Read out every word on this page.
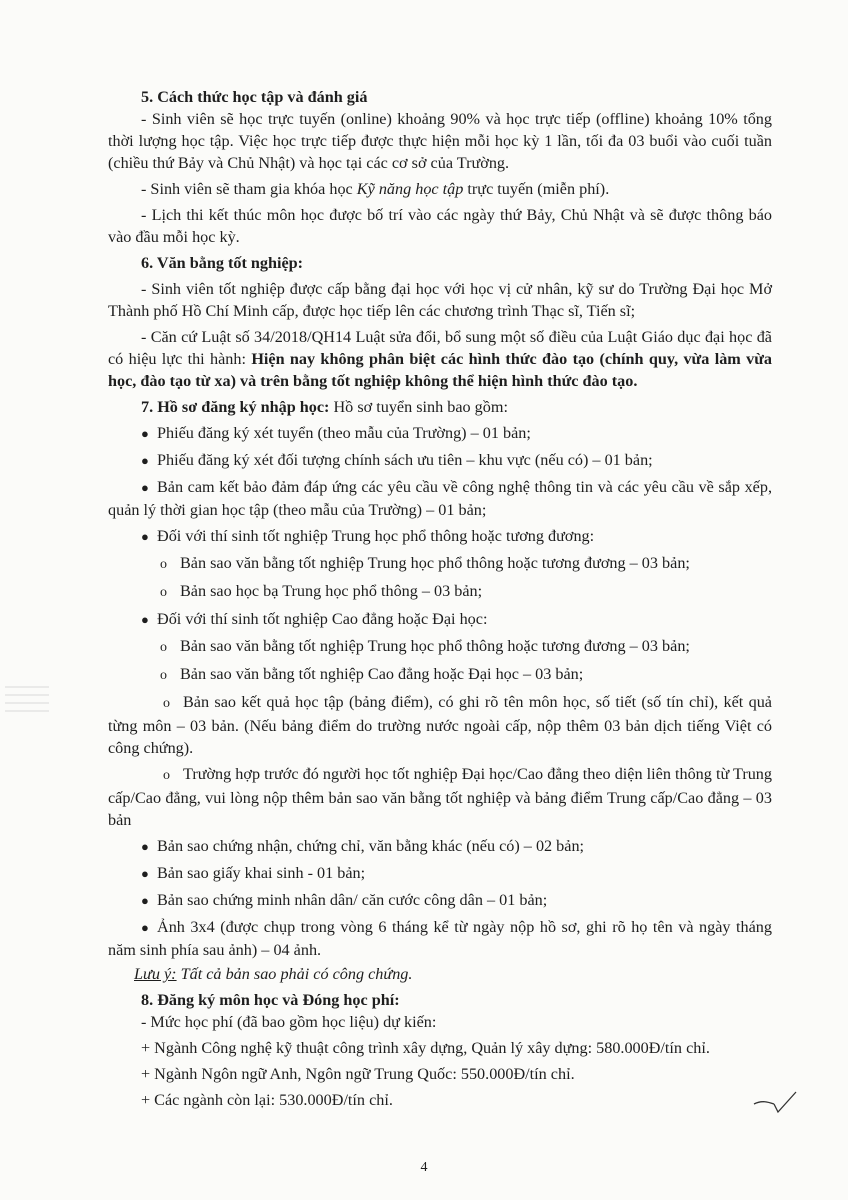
5. Cách thức học tập và đánh giá

- Sinh viên sẽ học trực tuyến (online) khoảng 90% và học trực tiếp (offline) khoảng 10% tổng thời lượng học tập. Việc học trực tiếp được thực hiện mỗi học kỳ 1 lần, tối đa 03 buổi vào cuối tuần (chiều thứ Bảy và Chủ Nhật) và học tại các cơ sở của Trường.

- Sinh viên sẽ tham gia khóa học Kỹ năng học tập trực tuyến (miễn phí).

- Lịch thi kết thúc môn học được bố trí vào các ngày thứ Bảy, Chủ Nhật và sẽ được thông báo vào đầu mỗi học kỳ.

6. Văn bằng tốt nghiệp:

- Sinh viên tốt nghiệp được cấp bằng đại học với học vị cử nhân, kỹ sư do Trường Đại học Mở Thành phố Hồ Chí Minh cấp, được học tiếp lên các chương trình Thạc sĩ, Tiến sĩ;

- Căn cứ Luật số 34/2018/QH14 Luật sửa đổi, bổ sung một số điều của Luật Giáo dục đại học đã có hiệu lực thi hành: Hiện nay không phân biệt các hình thức đào tạo (chính quy, vừa làm vừa học, đào tạo từ xa) và trên bằng tốt nghiệp không thể hiện hình thức đào tạo.

7. Hồ sơ đăng ký nhập học: Hồ sơ tuyển sinh bao gồm:

● Phiếu đăng ký xét tuyển (theo mẫu của Trường) – 01 bản;

● Phiếu đăng ký xét đối tượng chính sách ưu tiên – khu vực (nếu có) – 01 bản;

● Bản cam kết bảo đảm đáp ứng các yêu cầu về công nghệ thông tin và các yêu cầu về sắp xếp, quản lý thời gian học tập (theo mẫu của Trường) – 01 bản;

● Đối với thí sinh tốt nghiệp Trung học phổ thông hoặc tương đương:

o Bản sao văn bằng tốt nghiệp Trung học phổ thông hoặc tương đương – 03 bản;

o Bản sao học bạ Trung học phổ thông – 03 bản;

● Đối với thí sinh tốt nghiệp Cao đẳng hoặc Đại học:

o Bản sao văn bằng tốt nghiệp Trung học phổ thông hoặc tương đương – 03 bản;

o Bản sao văn bằng tốt nghiệp Cao đẳng hoặc Đại học – 03 bản;

o Bản sao kết quả học tập (bảng điểm), có ghi rõ tên môn học, số tiết (số tín chỉ), kết quả từng môn – 03 bản. (Nếu bảng điểm do trường nước ngoài cấp, nộp thêm 03 bản dịch tiếng Việt có công chứng).

o Trường hợp trước đó người học tốt nghiệp Đại học/Cao đẳng theo diện liên thông từ Trung cấp/Cao đẳng, vui lòng nộp thêm bản sao văn bằng tốt nghiệp và bảng điểm Trung cấp/Cao đẳng – 03 bản

● Bản sao chứng nhận, chứng chỉ, văn bằng khác (nếu có) – 02 bản;

● Bản sao giấy khai sinh - 01 bản;

● Bản sao chứng minh nhân dân/ căn cước công dân – 01 bản;

● Ảnh 3x4 (được chụp trong vòng 6 tháng kể từ ngày nộp hồ sơ, ghi rõ họ tên và ngày tháng năm sinh phía sau ảnh) – 04 ảnh.

Lưu ý: Tất cả bản sao phải có công chứng.

8. Đăng ký môn học và Đóng học phí:

- Mức học phí (đã bao gồm học liệu) dự kiến:

+ Ngành Công nghệ kỹ thuật công trình xây dựng, Quản lý xây dựng: 580.000Đ/tín chỉ.

+ Ngành Ngôn ngữ Anh, Ngôn ngữ Trung Quốc: 550.000Đ/tín chỉ.

+ Các ngành còn lại: 530.000Đ/tín chỉ.

4
